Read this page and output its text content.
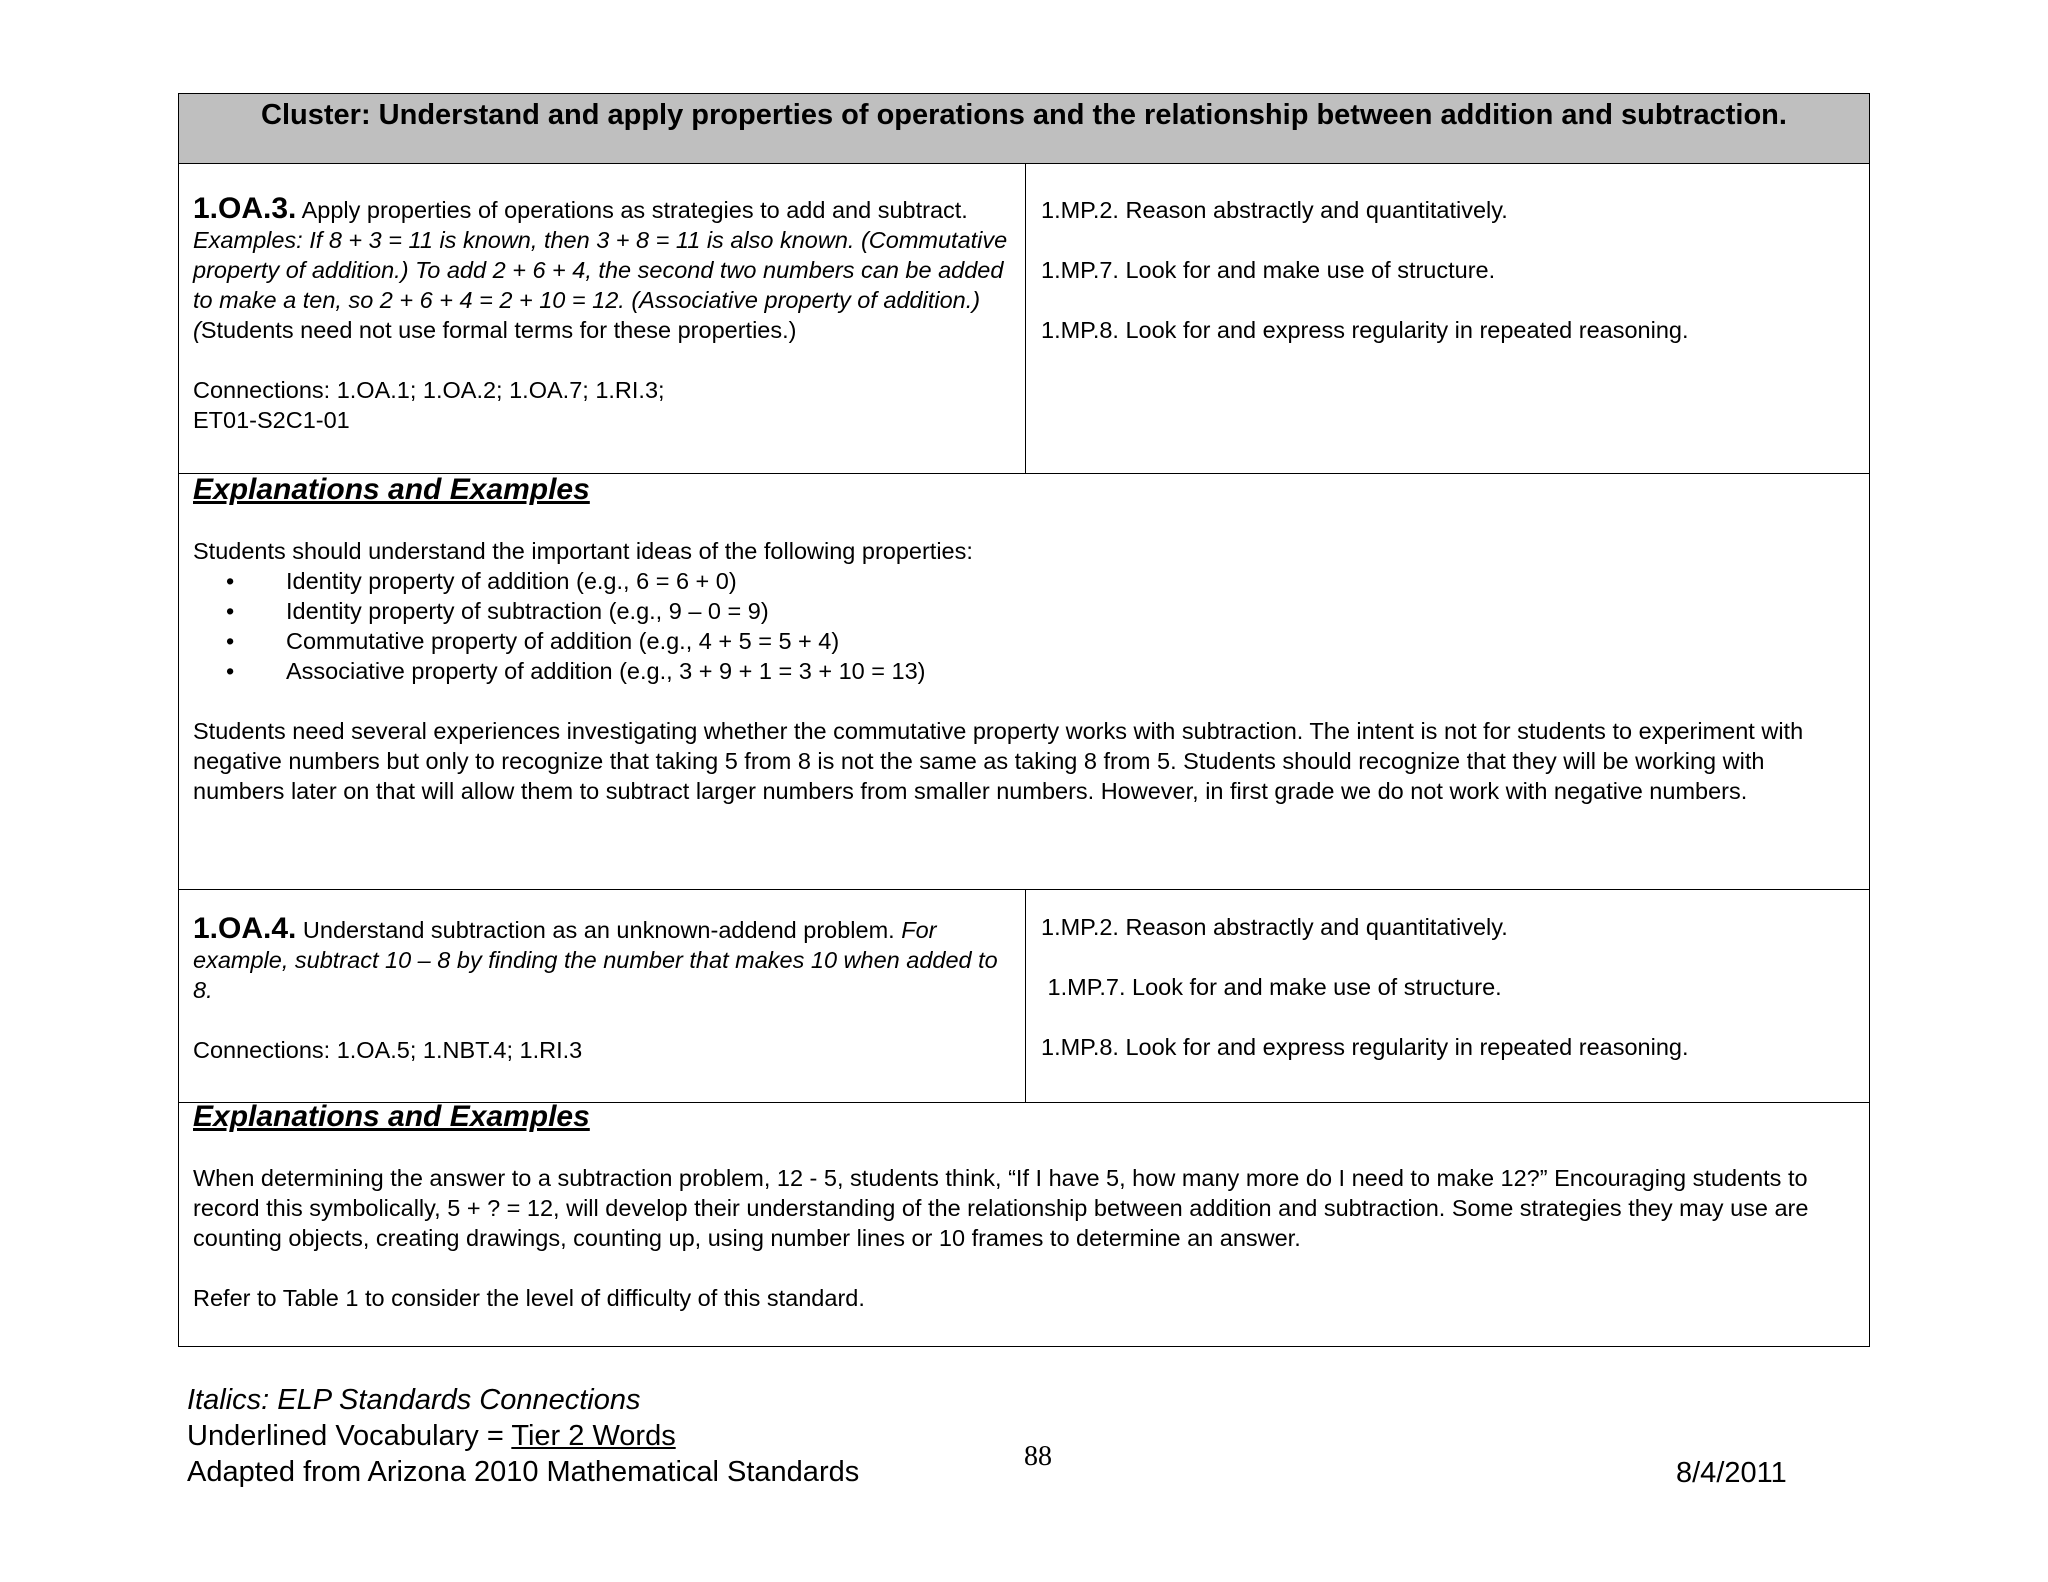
Cluster: Understand and apply properties of operations and the relationship between addition and subtraction.
1.OA.3. Apply properties of operations as strategies to add and subtract. Examples: If 8 + 3 = 11 is known, then 3 + 8 = 11 is also known. (Commutative property of addition.) To add 2 + 6 + 4, the second two numbers can be added to make a ten, so 2 + 6 + 4 = 2 + 10 = 12. (Associative property of addition.) (Students need not use formal terms for these properties.)
Connections: 1.OA.1; 1.OA.2; 1.OA.7; 1.RI.3;
ET01-S2C1-01
1.MP.2. Reason abstractly and quantitatively.
1.MP.7. Look for and make use of structure.
1.MP.8. Look for and express regularity in repeated reasoning.
Explanations and Examples

Students should understand the important ideas of the following properties:

• Identity property of addition (e.g., 6 = 6 + 0)
• Identity property of subtraction (e.g., 9 – 0 = 9)
• Commutative property of addition (e.g., 4 + 5 = 5 + 4)
• Associative property of addition (e.g., 3 + 9 + 1 = 3 + 10 = 13)

Students need several experiences investigating whether the commutative property works with subtraction. The intent is not for students to experiment with negative numbers but only to recognize that taking 5 from 8 is not the same as taking 8 from 5. Students should recognize that they will be working with numbers later on that will allow them to subtract larger numbers from smaller numbers. However, in first grade we do not work with negative numbers.

1.OA.4. Understand subtraction as an unknown-addend problem. For example, subtract 10 – 8 by finding the number that makes 10 when added to 8.
Connections: 1.OA.5; 1.NBT.4; 1.RI.3
1.MP.2. Reason abstractly and quantitatively.
1.MP.7. Look for and make use of structure.
1.MP.8. Look for and express regularity in repeated reasoning.
Explanations and Examples

When determining the answer to a subtraction problem, 12 - 5, students think, “If I have 5, how many more do I need to make 12?” Encouraging students to record this symbolically, 5 + ? = 12, will develop their understanding of the relationship between addition and subtraction. Some strategies they may use are counting objects, creating drawings, counting up, using number lines or 10 frames to determine an answer.

Refer to Table 1 to consider the level of difficulty of this standard.

Italics: ELP Standards Connections
Underlined Vocabulary = Tier 2 Words
Adapted from Arizona 2010 Mathematical Standards	88
8/4/2011
